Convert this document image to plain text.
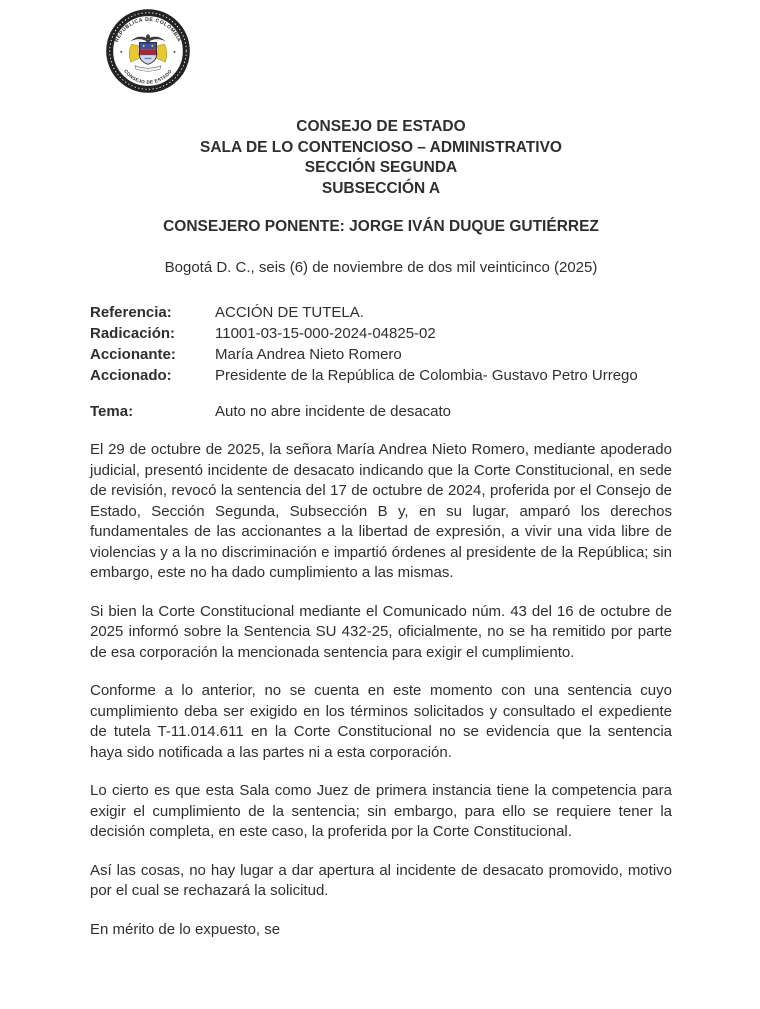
REPÚBLICA DE COLOMBIA
CONSEJO DE ESTADO
✦	✦
CONSEJO DE ESTADO
SALA DE LO CONTENCIOSO – ADMINISTRATIVO
SECCIÓN SEGUNDA
SUBSECCIÓN A
CONSEJERO PONENTE: JORGE IVÁN DUQUE GUTIÉRREZ
Bogotá D. C., seis (6) de noviembre de dos mil veinticinco (2025)
Referencia:	ACCIÓN DE TUTELA.
Radicación:	11001-03-15-000-2024-04825-02
Accionante:	María Andrea Nieto Romero
Accionado:	Presidente de la República de Colombia- Gustavo Petro Urrego
Tema:	Auto no abre incidente de desacato

El 29 de octubre de 2025, la señora María Andrea Nieto Romero, mediante apoderado judicial, presentó incidente de desacato indicando que la Corte Constitucional, en sede de revisión, revocó la sentencia del 17 de octubre de 2024, proferida por el Consejo de Estado, Sección Segunda, Subsección B y, en su lugar, amparó los derechos fundamentales de las accionantes a la libertad de expresión, a vivir una vida libre de violencias y a la no discriminación e impartió órdenes al presidente de la República; sin embargo, este no ha dado cumplimiento a las mismas.

Si bien la Corte Constitucional mediante el Comunicado núm. 43 del 16 de octubre de 2025 informó sobre la Sentencia SU 432-25, oficialmente, no se ha remitido por parte de esa corporación la mencionada sentencia para exigir el cumplimiento.

Conforme a lo anterior, no se cuenta en este momento con una sentencia cuyo cumplimiento deba ser exigido en los términos solicitados y consultado el expediente de tutela T-11.014.611 en la Corte Constitucional no se evidencia que la sentencia haya sido notificada a las partes ni a esta corporación.

Lo cierto es que esta Sala como Juez de primera instancia tiene la competencia para exigir el cumplimiento de la sentencia; sin embargo, para ello se requiere tener la decisión completa, en este caso, la proferida por la Corte Constitucional.

Así las cosas, no hay lugar a dar apertura al incidente de desacato promovido, motivo por el cual se rechazará la solicitud.

En mérito de lo expuesto, se
